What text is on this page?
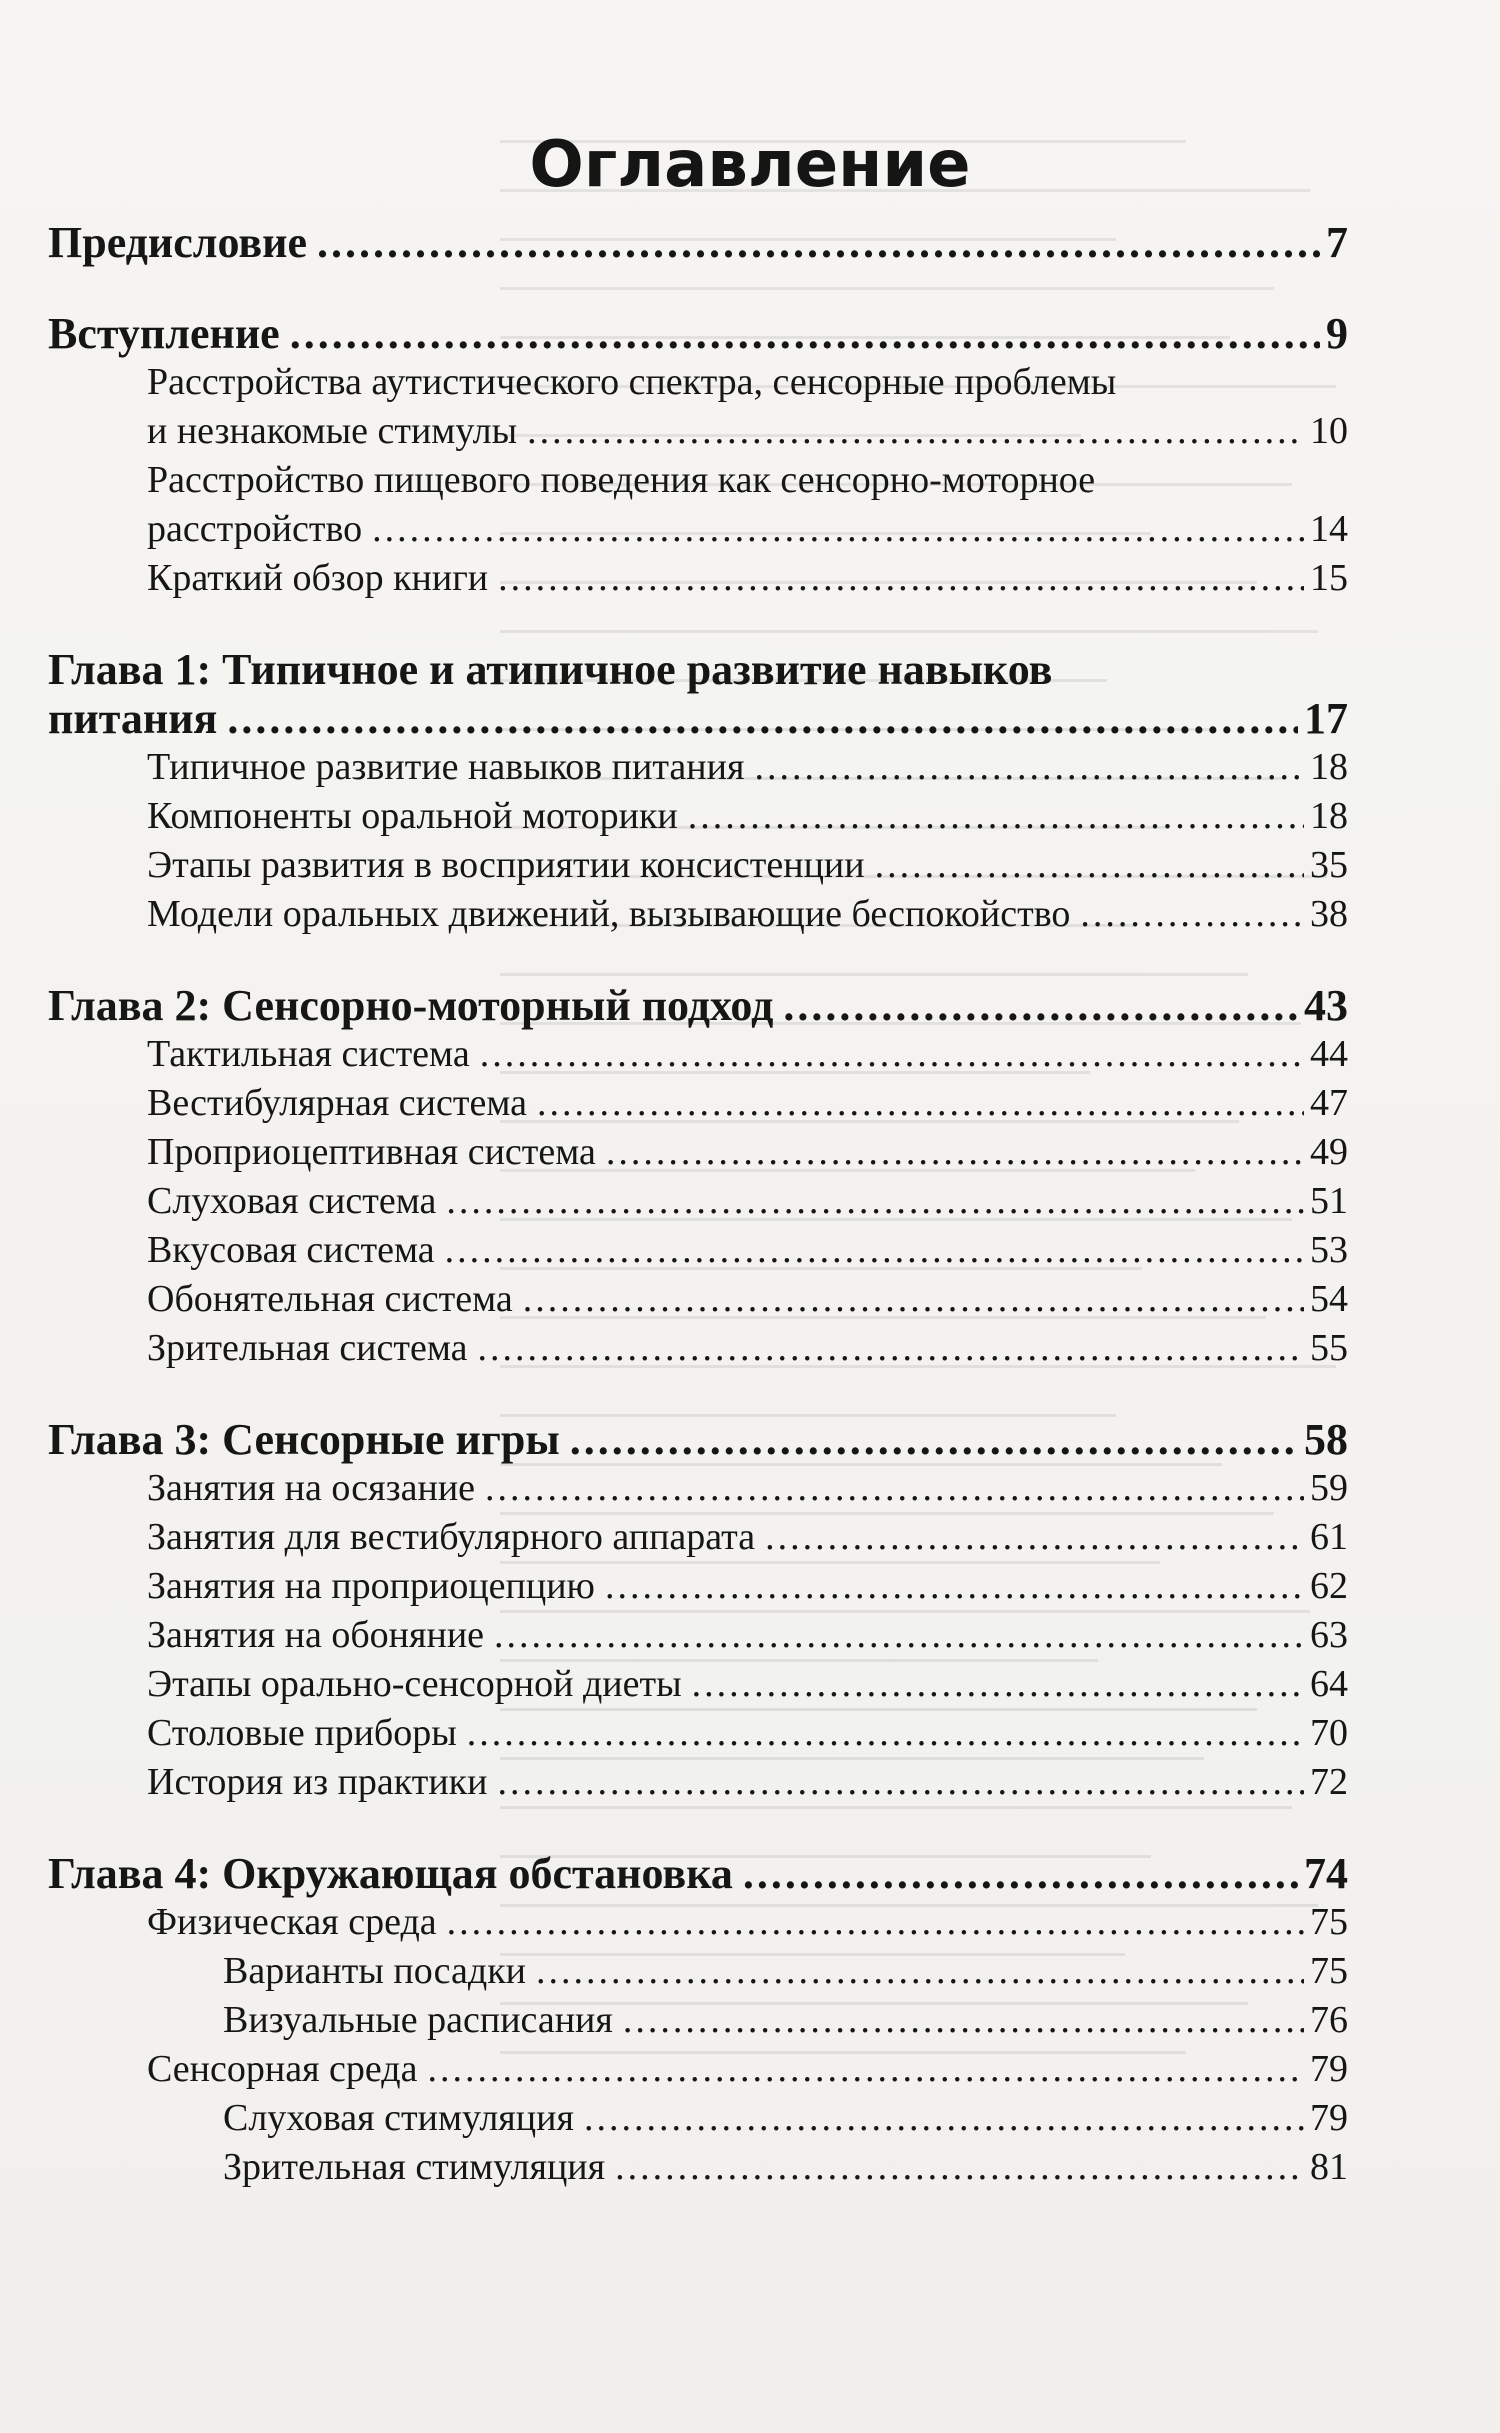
Оглавление
Предисловие .....	7
Вступление .....	9
Расстройства аутистического спектра, сенсорные проблемы
и незнакомые стимулы .....	10
Расстройство пищевого поведения как сенсорно-моторное
расстройство .....	14
Краткий обзор книги .....	15
Глава 1: Типичное и атипичное развитие навыков
питания .....	17
Типичное развитие навыков питания .....	18
Компоненты оральной моторики .....	18
Этапы развития в восприятии консистенции .....	35
Модели оральных движений, вызывающие беспокойство .....	38
Глава 2: Сенсорно-моторный подход .....	43
Тактильная система .....	44
Вестибулярная система .....	47
Проприоцептивная система .....	49
Слуховая система .....	51
Вкусовая система .....	53
Обонятельная система .....	54
Зрительная система .....	55
Глава 3: Сенсорные игры .....	58
Занятия на осязание .....	59
Занятия для вестибулярного аппарата .....	61
Занятия на проприоцепцию .....	62
Занятия на обоняние .....	63
Этапы орально-сенсорной диеты .....	64
Столовые приборы .....	70
История из практики .....	72
Глава 4: Окружающая обстановка .....	74
Физическая среда .....	75
Варианты посадки .....	75
Визуальные расписания .....	76
Сенсорная среда .....	79
Слуховая стимуляция .....	79
Зрительная стимуляция .....	81
